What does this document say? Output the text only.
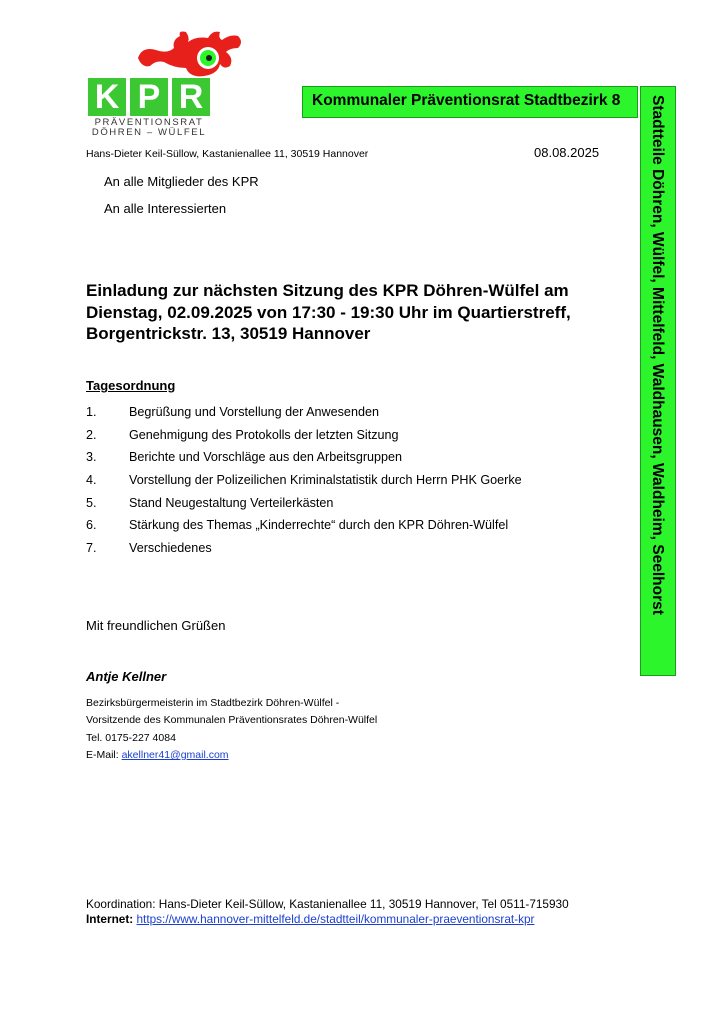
K P R
PRÄVENTIONSRAT
DÖHREN – WÜLFEL
Kommunaler Präventionsrat Stadtbezirk 8	Stadtteile Döhren, Wülfel, Mittelfeld, Waldhausen, Waldheim, Seelhorst
Hans-Dieter Keil-Süllow, Kastanienallee 11, 30519 Hannover	08.08.2025
An alle Mitglieder des KPR
An alle Interessierten
Einladung zur nächsten Sitzung des KPR Döhren-Wülfel am
Dienstag, 02.09.2025 von 17:30 - 19:30 Uhr im Quartierstreff,
Borgentrickstr. 13, 30519 Hannover
Tagesordnung
1.	Begrüßung und Vorstellung der Anwesenden
2.	Genehmigung des Protokolls der letzten Sitzung
3.	Berichte und Vorschläge aus den Arbeitsgruppen
4.	Vorstellung der Polizeilichen Kriminalstatistik durch Herrn PHK Goerke
5.	Stand Neugestaltung Verteilerkästen
6.	Stärkung des Themas „Kinderrechte“ durch den KPR Döhren-Wülfel
7.	Verschiedenes
Mit freundlichen Grüßen
Antje Kellner
Bezirksbürgermeisterin im Stadtbezirk Döhren-Wülfel -
Vorsitzende des Kommunalen Präventionsrates Döhren-Wülfel
Tel. 0175-227 4084
E-Mail: akellner41@gmail.com
Koordination: Hans-Dieter Keil-Süllow, Kastanienallee 11, 30519 Hannover, Tel 0511-715930
Internet: https://www.hannover-mittelfeld.de/stadtteil/kommunaler-praeventionsrat-kpr
